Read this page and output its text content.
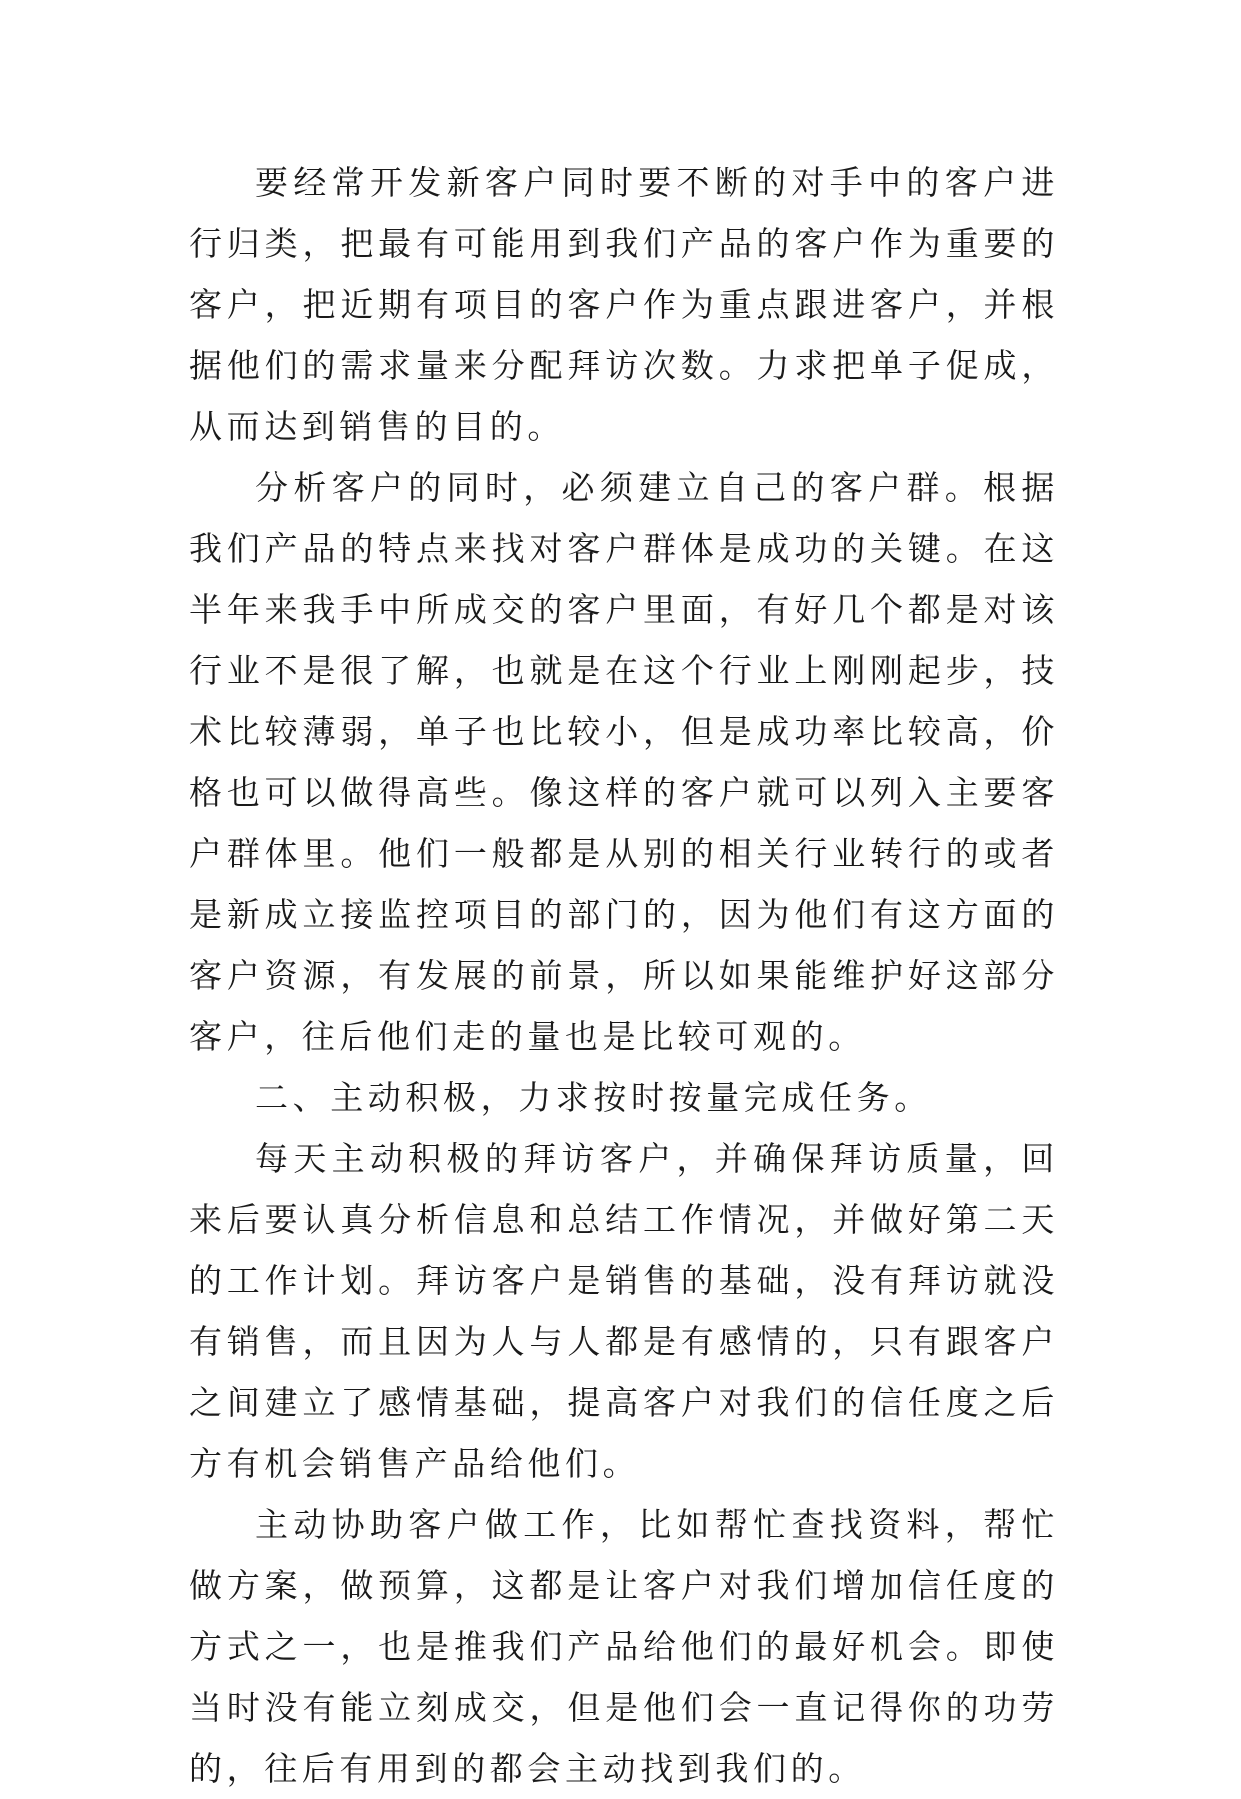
要经常开发新客户同时要不断的对手中的客户进行归类，把最有可能用到我们产品的客户作为重要的客户，把近期有项目的客户作为重点跟进客户，并根据他们的需求量来分配拜访次数。力求把单子促成，从而达到销售的目的。

分析客户的同时，必须建立自己的客户群。根据我们产品的特点来找对客户群体是成功的关键。在这半年来我手中所成交的客户里面，有好几个都是对该行业不是很了解，也就是在这个行业上刚刚起步，技术比较薄弱，单子也比较小，但是成功率比较高，价格也可以做得高些。像这样的客户就可以列入主要客户群体里。他们一般都是从别的相关行业转行的或者是新成立接监控项目的部门的，因为他们有这方面的客户资源，有发展的前景，所以如果能维护好这部分客户，往后他们走的量也是比较可观的。

二、主动积极，力求按时按量完成任务。

每天主动积极的拜访客户，并确保拜访质量，回来后要认真分析信息和总结工作情况，并做好第二天的工作计划。拜访客户是销售的基础，没有拜访就没有销售，而且因为人与人都是有感情的，只有跟客户之间建立了感情基础，提高客户对我们的信任度之后方有机会销售产品给他们。

主动协助客户做工作，比如帮忙查找资料，帮忙做方案，做预算，这都是让客户对我们增加信任度的方式之一，也是推我们产品给他们的最好机会。即使当时没有能立刻成交，但是他们会一直记得你的功劳的，往后有用到的都会主动找到我们的。
